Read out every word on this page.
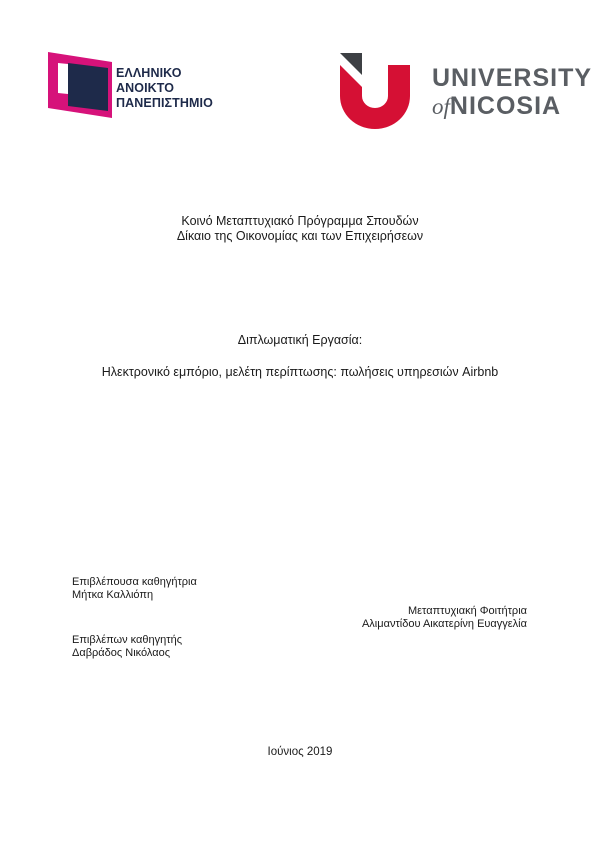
ΕΛΛΗΝΙΚΟ
ΑΝΟΙΚΤΟ
ΠΑΝΕΠΙΣΤΗΜΙΟ
UNIVERSITY
ofNICOSIA
Κοινό Μεταπτυχιακό Πρόγραμμα Σπουδών
Δίκαιο της Οικονομίας και των Επιχειρήσεων
Διπλωματική Εργασία:
Ηλεκτρονικό εμπόριο, μελέτη περίπτωσης: πωλήσεις υπηρεσιών Airbnb
Επιβλέπουσα καθηγήτρια
Μήτκα Καλλιόπη
Επιβλέπων καθηγητής
Δαβράδος Νικόλαος
Μεταπτυχιακή Φοιτήτρια
Αλιμαντίδου Αικατερίνη Ευαγγελία
Ιούνιος 2019
